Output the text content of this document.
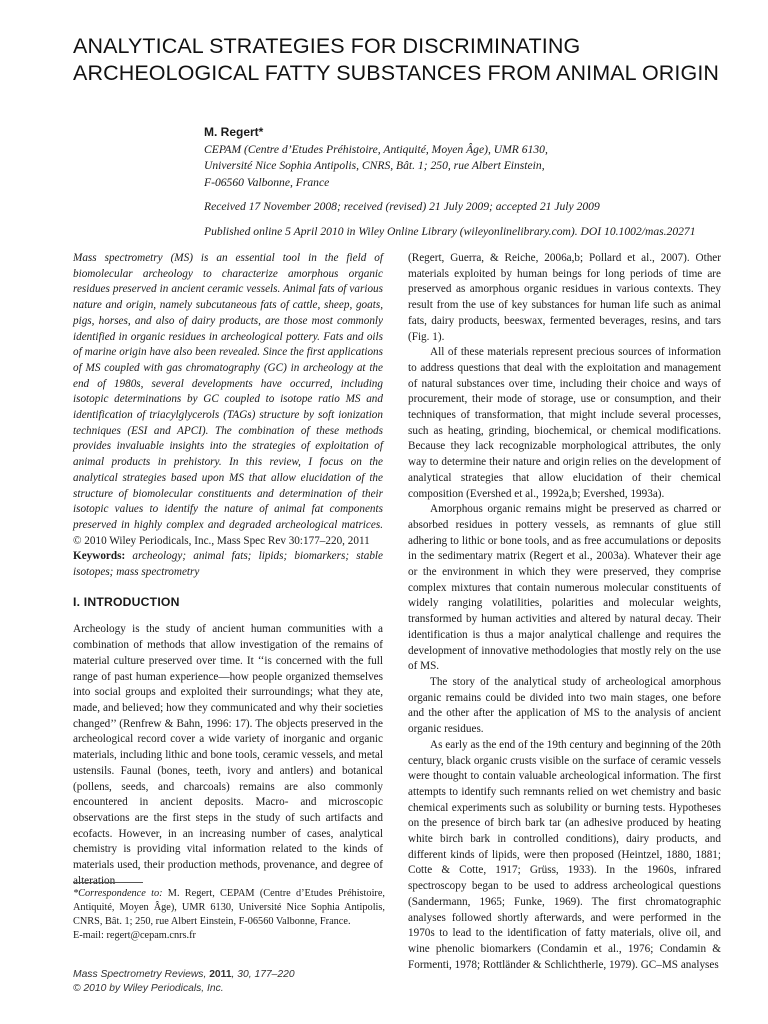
ANALYTICAL STRATEGIES FOR DISCRIMINATING
ARCHEOLOGICAL FATTY SUBSTANCES FROM ANIMAL ORIGIN
M. Regert*
CEPAM (Centre d’Etudes Préhistoire, Antiquité, Moyen Âge), UMR 6130,
Université Nice Sophia Antipolis, CNRS, Bât. 1; 250, rue Albert Einstein,
F-06560 Valbonne, France
Received 17 November 2008; received (revised) 21 July 2009; accepted 21 July 2009
Published online 5 April 2010 in Wiley Online Library (wileyonlinelibrary.com). DOI 10.1002/mas.20271

Mass spectrometry (MS) is an essential tool in the field of biomolecular archeology to characterize amorphous organic residues preserved in ancient ceramic vessels. Animal fats of various nature and origin, namely subcutaneous fats of cattle, sheep, goats, pigs, horses, and also of dairy products, are those most commonly identified in organic residues in archeological pottery. Fats and oils of marine origin have also been revealed. Since the first applications of MS coupled with gas chromatography (GC) in archeology at the end of 1980s, several developments have occurred, including isotopic determinations by GC coupled to isotope ratio MS and identification of triacylglycerols (TAGs) structure by soft ionization techniques (ESI and APCI). The combination of these methods provides invaluable insights into the strategies of exploitation of animal products in prehistory. In this review, I focus on the analytical strategies based upon MS that allow elucidation of the structure of biomolecular constituents and determination of their isotopic values to identify the nature of animal fat components preserved in highly complex and degraded archeological matrices. © 2010 Wiley Periodicals, Inc., Mass Spec Rev 30:177–220, 2011

Keywords: archeology; animal fats; lipids; biomarkers; stable isotopes; mass spectrometry

I. INTRODUCTION

Archeology is the study of ancient human communities with a combination of methods that allow investigation of the remains of material culture preserved over time. It ‘‘is concerned with the full range of past human experience—how people organized themselves into social groups and exploited their surroundings; what they ate, made, and believed; how they communicated and why their societies changed’’ (Renfrew & Bahn, 1996: 17). The objects preserved in the archeological record cover a wide variety of inorganic and organic materials, including lithic and bone tools, ceramic vessels, and metal ustensils. Faunal (bones, teeth, ivory and antlers) and botanical (pollens, seeds, and charcoals) remains are also commonly encountered in ancient deposits. Macro- and microscopic observations are the first steps in the study of such artifacts and ecofacts. However, in an increasing number of cases, analytical chemistry is providing vital information related to the kinds of materials used, their production methods, provenance, and degree of alteration

(Regert, Guerra, & Reiche, 2006a,b; Pollard et al., 2007). Other materials exploited by human beings for long periods of time are preserved as amorphous organic residues in various contexts. They result from the use of key substances for human life such as animal fats, dairy products, beeswax, fermented beverages, resins, and tars (Fig. 1).

All of these materials represent precious sources of information to address questions that deal with the exploitation and management of natural substances over time, including their choice and ways of procurement, their mode of storage, use or consumption, and their techniques of transformation, that might include several processes, such as heating, grinding, biochemical, or chemical modifications. Because they lack recognizable morphological attributes, the only way to determine their nature and origin relies on the development of analytical strategies that allow elucidation of their chemical composition (Evershed et al., 1992a,b; Evershed, 1993a).

Amorphous organic remains might be preserved as charred or absorbed residues in pottery vessels, as remnants of glue still adhering to lithic or bone tools, and as free accumulations or deposits in the sedimentary matrix (Regert et al., 2003a). Whatever their age or the environment in which they were preserved, they comprise complex mixtures that contain numerous molecular constituents of widely ranging volatilities, polarities and molecular weights, transformed by human activities and altered by natural decay. Their identification is thus a major analytical challenge and requires the development of innovative methodologies that mostly rely on the use of MS.

The story of the analytical study of archeological amorphous organic remains could be divided into two main stages, one before and the other after the application of MS to the analysis of ancient organic residues.

As early as the end of the 19th century and beginning of the 20th century, black organic crusts visible on the surface of ceramic vessels were thought to contain valuable archeological information. The first attempts to identify such remnants relied on wet chemistry and basic chemical experiments such as solubility or burning tests. Hypotheses on the presence of birch bark tar (an adhesive produced by heating white birch bark in controlled conditions), dairy products, and different kinds of lipids, were then proposed (Heintzel, 1880, 1881; Cotte & Cotte, 1917; Grüss, 1933). In the 1960s, infrared spectroscopy began to be used to address archeological questions (Sandermann, 1965; Funke, 1969). The first chromatographic analyses followed shortly afterwards, and were performed in the 1970s to lead to the identification of fatty materials, olive oil, and wine phenolic biomarkers (Condamin et al., 1976; Condamin & Formenti, 1978; Rottländer & Schlichtherle, 1979). GC–MS analyses

*Correspondence to: M. Regert, CEPAM (Centre d’Etudes Préhistoire, Antiquité, Moyen Âge), UMR 6130, Université Nice Sophia Antipolis, CNRS, Bât. 1; 250, rue Albert Einstein, F-06560 Valbonne, France.
E-mail: regert@cepam.cnrs.fr
Mass Spectrometry Reviews, 2011, 30, 177–220
© 2010 by Wiley Periodicals, Inc.
